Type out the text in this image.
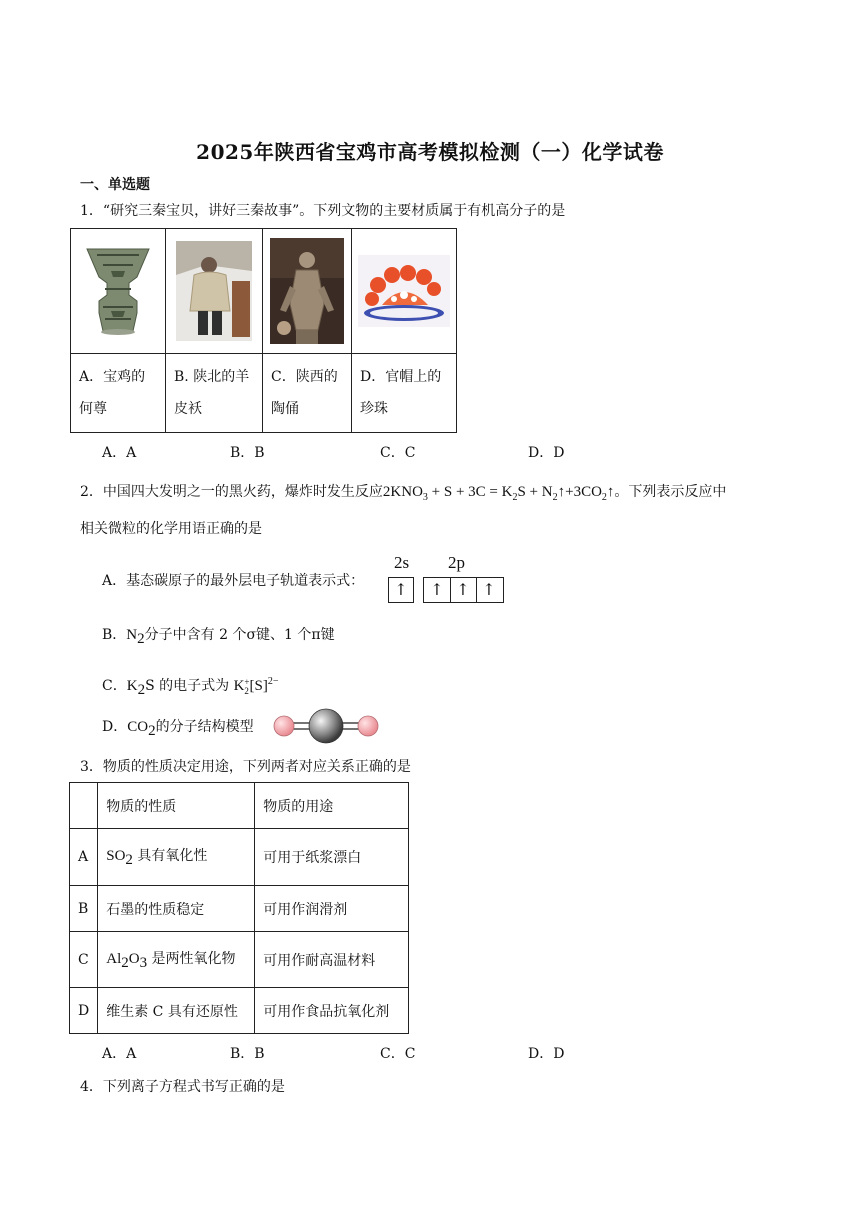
2025年陕西省宝鸡市高考模拟检测（一）化学试卷
一、单选题
1．“研究三秦宝贝，讲好三秦故事”。下列文物的主要材质属于有机高分子的是

A．宝鸡的何尊	B. 陕北的羊皮袄	C．陕西的陶俑	D．官帽上的珍珠
A．A	B．B	C．C	D．D
2．中国四大发明之一的黑火药，爆炸时发生反应$2KNO_3 + S + 3C = K_2S$ + $N_2↑+3CO_2↑$。下列表示反应中
相关微粒的化学用语正确的是
A．基态碳原子的最外层电子轨道表示式：
2s 2p
↑	↑ ↑ ↑
B．$N_2$分子中含有 2 个σ键、1 个π键
C．$K_2S$ 的电子式为 K +
2 $[S]^{2-}$
D．$CO_2$的分子结构模型
3．物质的性质决定用途，下列两者对应关系正确的是
	物质的性质	物质的用途
A	$SO_2$ 具有氧化性	可用于纸浆漂白
B	石墨的性质稳定	可用作润滑剂
C	$Al_2O_3$ 是两性氧化物	可用作耐高温材料
D	维生素 C 具有还原性	可用作食品抗氧化剂
A．A	B．B	C．C	D．D
4．下列离子方程式书写正确的是
